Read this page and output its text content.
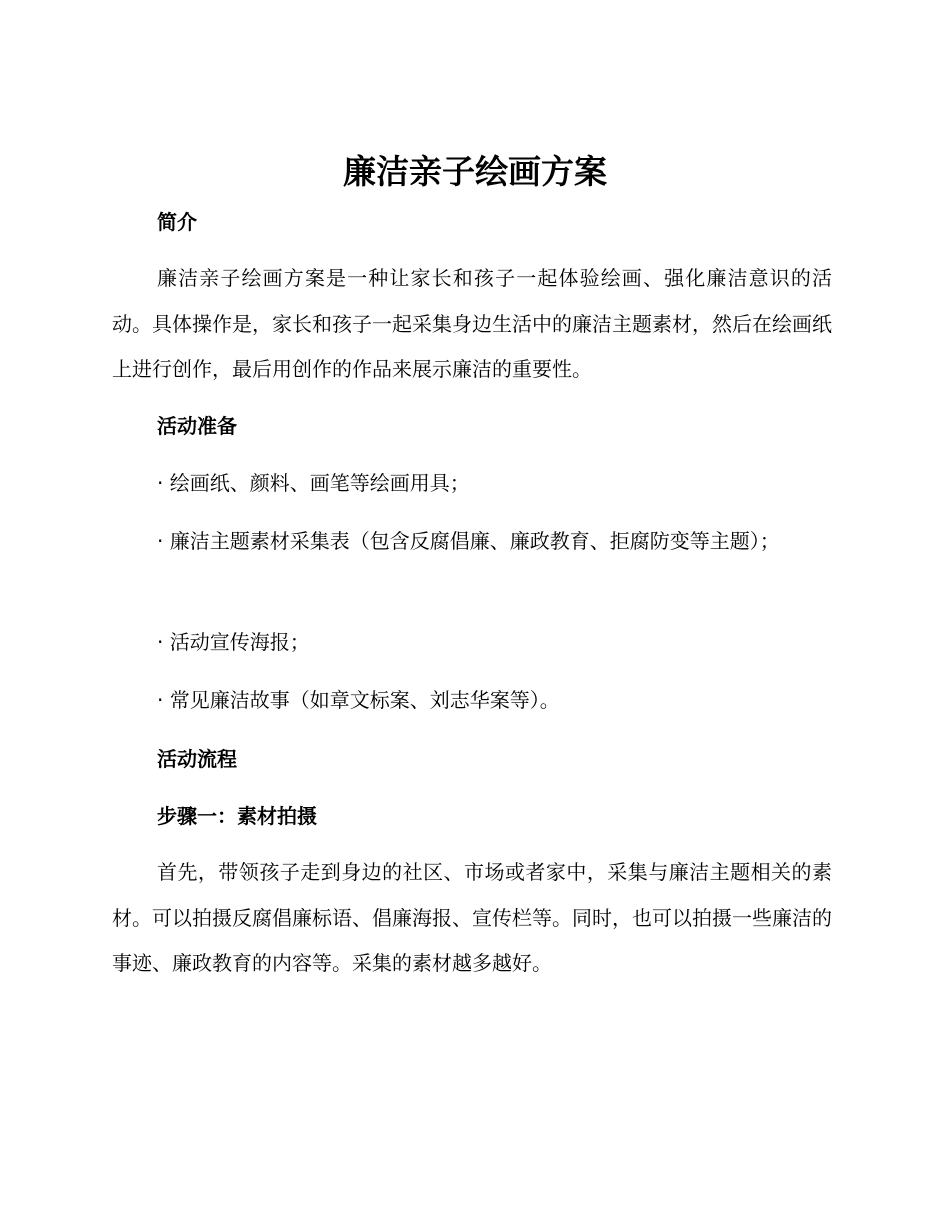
廉洁亲子绘画方案
简介

廉洁亲子绘画方案是一种让家长和孩子一起体验绘画、强化廉洁意识的活动。具体操作是，家长和孩子一起采集身边生活中的廉洁主题素材，然后在绘画纸上进行创作，最后用创作的作品来展示廉洁的重要性。

活动准备

· 绘画纸、颜料、画笔等绘画用具；

· 廉洁主题素材采集表（包含反腐倡廉、廉政教育、拒腐防变等主题）；

· 活动宣传海报；

· 常见廉洁故事（如章文标案、刘志华案等）。

活动流程
步骤一：素材拍摄

首先，带领孩子走到身边的社区、市场或者家中，采集与廉洁主题相关的素材。可以拍摄反腐倡廉标语、倡廉海报、宣传栏等。同时，也可以拍摄一些廉洁的事迹、廉政教育的内容等。采集的素材越多越好。
